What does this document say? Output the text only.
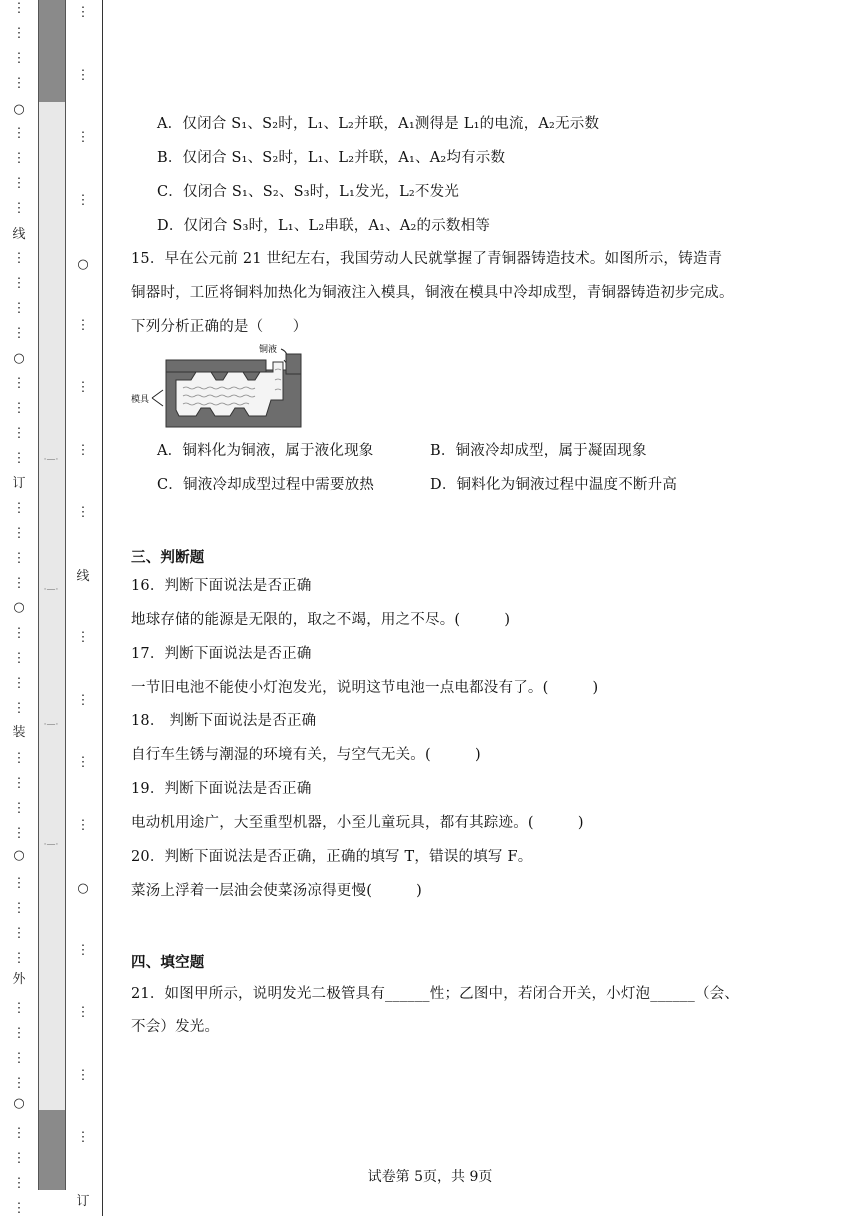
⋮
⋮
⋮
⋮
⋮
⋮
⋮
⋮
⋮
⋮
⋮
⋮
⋮
⋮
⋮
⋮
⋮
⋮
⋮
⋮
⋮
⋮
⋮
⋮
⋮
⋮
⋮
⋮
⋮
⋮
⋮
⋮
⋮
⋮
⋮
⋮
⋮
⋮
⋮
⋮
○
线
○
订
○
装
○
外
○
⋮
⋮
⋮
⋮
⋮
⋮
⋮
⋮
⋮
⋮
⋮
⋮
⋮
⋮
⋮
⋮
○
线
○
订
·—·
·—·
·—·
·—·
A．仅闭合 S₁、S₂时，L₁、L₂并联，A₁测得是 L₁的电流，A₂无示数
B．仅闭合 S₁、S₂时，L₁、L₂并联，A₁、A₂均有示数
C．仅闭合 S₁、S₂、S₃时，L₁发光，L₂不发光
D．仅闭合 S₃时，L₁、L₂串联，A₁、A₂的示数相等
15．早在公元前 21 世纪左右，我国劳动人民就掌握了青铜器铸造技术。如图所示，铸造青
铜器时，工匠将铜料加热化为铜液注入模具，铜液在模具中冷却成型，青铜器铸造初步完成。
下列分析正确的是（　　）
铜液
模具
A．铜料化为铜液，属于液化现象	B．铜液冷却成型，属于凝固现象
C．铜液冷却成型过程中需要放热	D．铜料化为铜液过程中温度不断升高
三、判断题
16．判断下面说法是否正确
地球存储的能源是无限的，取之不竭，用之不尽。(　　　)
17．判断下面说法是否正确
一节旧电池不能使小灯泡发光，说明这节电池一点电都没有了。(　　　)
18． 判断下面说法是否正确
自行车生锈与潮湿的环境有关，与空气无关。(　　　)
19．判断下面说法是否正确
电动机用途广，大至重型机器，小至儿童玩具，都有其踪迹。(　　　)
20．判断下面说法是否正确，正确的填写 T，错误的填写 F。
菜汤上浮着一层油会使菜汤凉得更慢(　　　)
四、填空题
21．如图甲所示，说明发光二极管具有______性；乙图中，若闭合开关，小灯泡______（会、
不会）发光。
试卷第 5页，共 9页
